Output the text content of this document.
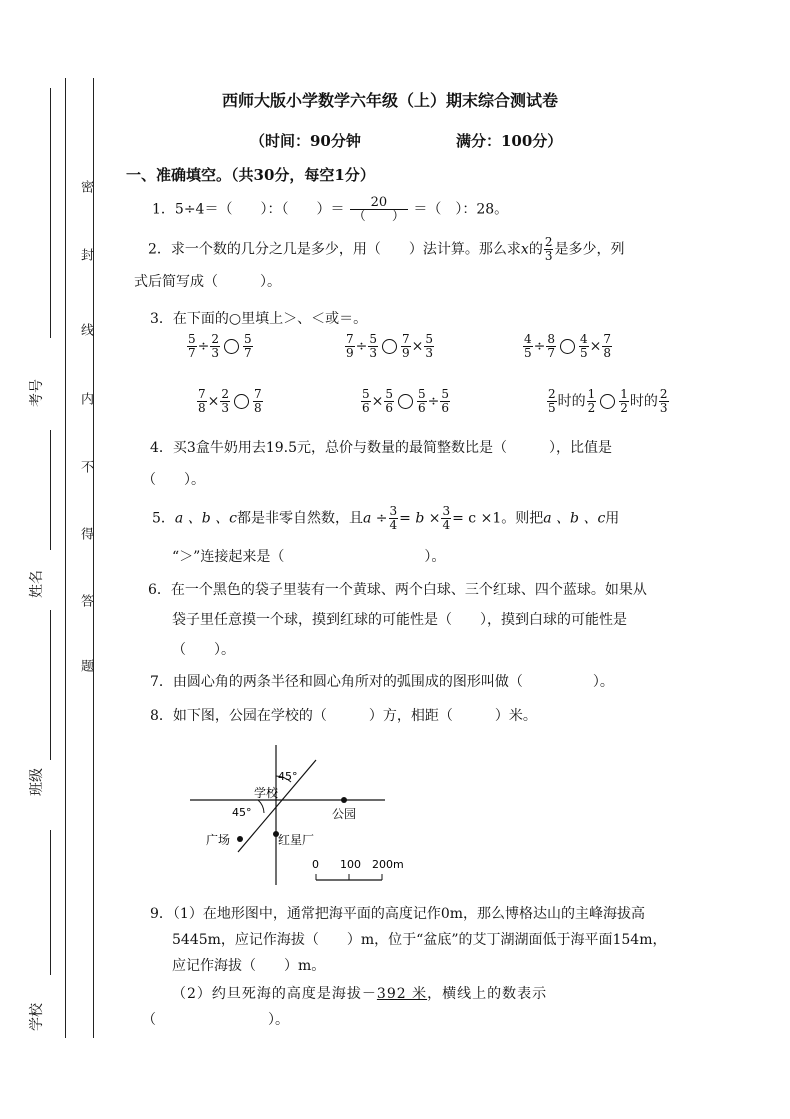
密
封
线
内
不
得
答
题
考号
姓名
班级
学校
西师大版小学数学六年级（上）期末综合测试卷
（时间：90分钟	满分：100分）
一、准确填空。（共30分，每空1分）
1．5÷4＝（　　）：（　　）＝ $\frac{20}{( )}$ ＝（　）：28。
2．求一个数的几分之几是多少，用（　　）法计算。那么求x的 $\frac{2}{3}$ 是多少，列
式后简写成（　　　）。
3．在下面的○里填上＞、＜或＝。
$\frac{5}{7} \div \frac{2}{3} \frac{5}{7}$	$\frac{7}{9} \div \frac{5}{3} \frac{7}{9} \times \frac{5}{3}$	$\frac{4}{5} \div \frac{8}{7} \frac{4}{5} \times \frac{7}{8}$
$\frac{7}{8} \times \frac{2}{3} \frac{7}{8}$	$\frac{5}{6} \times \frac{5}{6} \frac{5}{6} \div \frac{5}{6}$	$\frac{2}{5}$ 时的 $\frac{1}{2} \frac{1}{2}$ 时的 $\frac{2}{3}$
4．买3盒牛奶用去19.5元，总价与数量的最简整数比是（　　　），比值是
（　　）。
5．a 、b 、c都是非零自然数，且$a \div \frac{3}{4} = b \times \frac{3}{4} = c \times 1$。则把a 、b 、c用
“＞”连接起来是（　　　　　　　　　　）。
6．在一个黑色的袋子里装有一个黄球、两个白球、三个红球、四个蓝球。如果从
袋子里任意摸一个球，摸到红球的可能性是（　　），摸到白球的可能性是
（　　）。
7．由圆心角的两条半径和圆心角所对的弧围成的图形叫做（　　　　　）。
8．如下图，公园在学校的（　　　）方，相距（　　　）米。
45°
45°
学校
公园
广场	红星厂
0 100 200m
9．（1）在地形图中，通常把海平面的高度记作0m，那么博格达山的主峰海拔高
5445m，应记作海拔（　　）m，位于“盆底”的艾丁湖湖面低于海平面154m，
应记作海拔（　　）m。
（2）约旦死海的高度是海拔－392 米，横线上的数表示
（　　　　　　　　）。
